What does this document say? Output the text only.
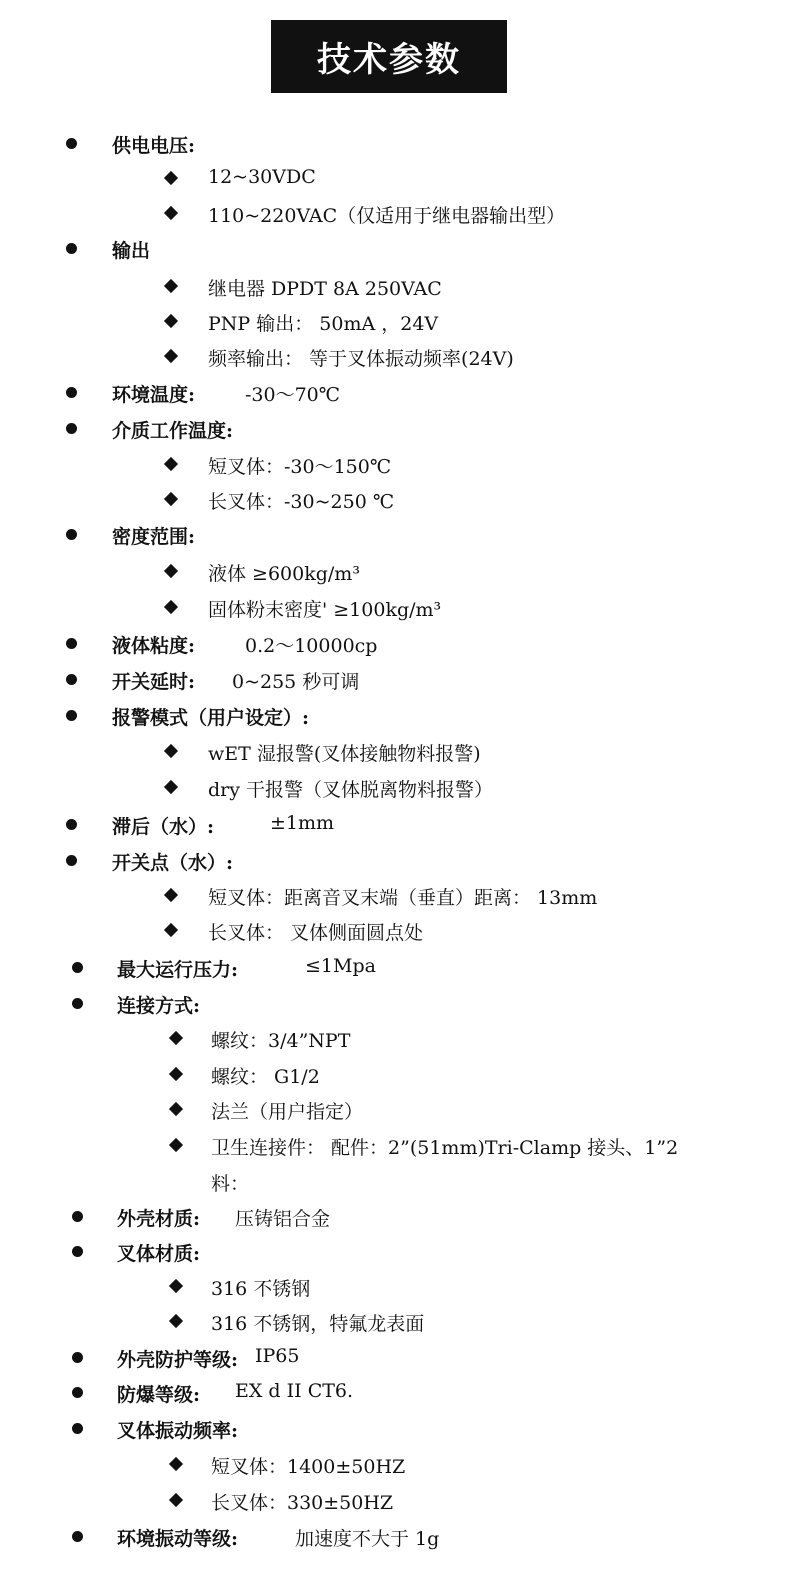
技术参数
供电电压:
12~30VDC
110~220VAC（仅适用于继电器输出型）
输出
继电器 DPDT 8A 250VAC
PNP 输出： 50mA ，24V
频率输出： 等于叉体振动频率(24V)
环境温度:	-30～70℃
介质工作温度:
短叉体：-30～150℃
长叉体：-30~250 ℃
密度范围:
液体 ≥600kg/m³
固体粉末密度' ≥100kg/m³
液体粘度:	0.2～10000cp
开关延时: 0~255 秒可调
报警模式（用户设定）:
wET 湿报警(叉体接触物料报警)
dry 干报警（叉体脱离物料报警）
滞后（水）:	±1mm
开关点（水）:
短叉体：距离音叉末端（垂直）距离： 13mm
长叉体： 叉体侧面圆点处
最大运行压力:	≤1Mpa
连接方式:
螺纹：3/4”NPT
螺纹： G1/2
法兰（用户指定）
卫生连接件： 配件：2”(51mm)Tri-Clamp 接头、1”2
料：
外壳材质: 压铸铝合金
叉体材质:
316 不锈钢
316 不锈钢，特氟龙表面
外壳防护等级: IP65
防爆等级: EX d II CT6.
叉体振动频率:
短叉体：1400±50HZ
长叉体：330±50HZ
环境振动等级:	加速度不大于 1g
